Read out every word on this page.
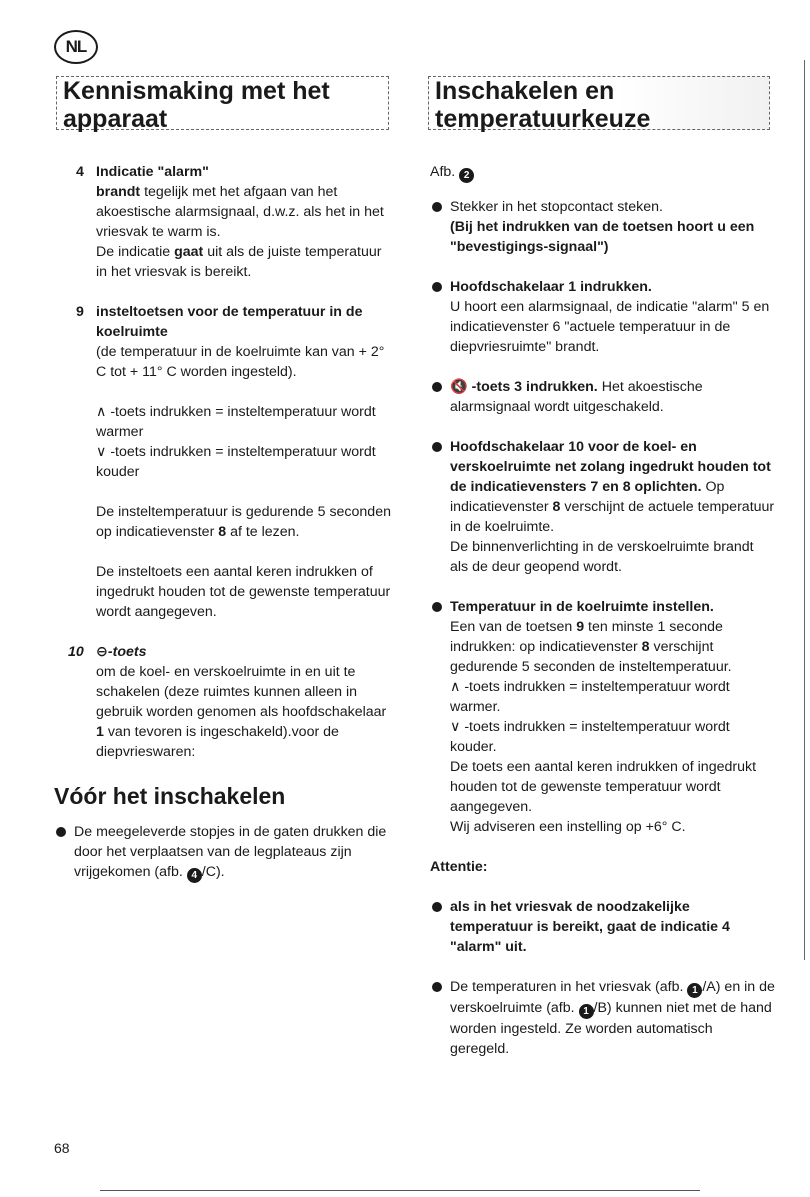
NL
Kennismaking met het
apparaat
Inschakelen en
temperatuurkeuze
4 Indicatie "alarm"

brandt tegelijk met het afgaan van het akoestische alarmsignaal, d.w.z. als het in het vriesvak te warm is.

De indicatie gaat uit als de juiste temperatuur in het vriesvak is bereikt.

9 insteltoetsen voor de temperatuur in de koelruimte

(de temperatuur in de koelruimte kan van + 2° C tot + 11° C worden ingesteld).

∧ -toets indrukken = insteltemperatuur wordt warmer

∨ -toets indrukken = insteltemperatuur wordt kouder

De insteltemperatuur is gedurende 5 seconden op indicatievenster 8 af te lezen.

De insteltoets een aantal keren indrukken of ingedrukt houden tot de gewenste temperatuur wordt aangegeven.

10 ⊖-toets

om de koel- en verskoelruimte in en uit te schakelen (deze ruimtes kunnen alleen in gebruik worden genomen als hoofdschakelaar 1 van tevoren is ingeschakeld).voor de diepvrieswaren:

Vóór het inschakelen
De meegeleverde stopjes in de gaten drukken die door het verplaatsen van de legplateaus zijn vrijgekomen (afb. 4 /C).

Afb. 2

Stekker in het stopcontact steken.

(Bij het indrukken van de toetsen hoort u een "bevestigings-signaal")

Hoofdschakelaar 1 indrukken.

U hoort een alarmsignaal, de indicatie "alarm" 5 en indicatievenster 6 "actuele temperatuur in de diepvriesruimte" brandt.

🔇 -toets 3 indrukken. Het akoestische alarmsignaal wordt uitgeschakeld.

Hoofdschakelaar 10 voor de koel- en verskoelruimte net zolang ingedrukt houden tot de indicatievensters 7 en 8 oplichten. Op indicatievenster 8 verschijnt de actuele temperatuur in de koelruimte.

De binnenverlichting in de verskoelruimte brandt als de deur geopend wordt.

Temperatuur in de koelruimte instellen.

Een van de toetsen 9 ten minste 1 seconde indrukken: op indicatievenster 8 verschijnt gedurende 5 seconden de insteltemperatuur.

∧ -toets indrukken = insteltemperatuur wordt warmer.

∨ -toets indrukken = insteltemperatuur wordt kouder.

De toets een aantal keren indrukken of ingedrukt houden tot de gewenste temperatuur wordt aangegeven.

Wij adviseren een instelling op +6° C.

Attentie:

als in het vriesvak de noodzakelijke temperatuur is bereikt, gaat de indicatie 4 "alarm" uit.

De temperaturen in het vriesvak (afb. 1 /A) en in de verskoelruimte (afb. 1 /B) kunnen niet met de hand worden ingesteld. Ze worden automatisch geregeld.

68
